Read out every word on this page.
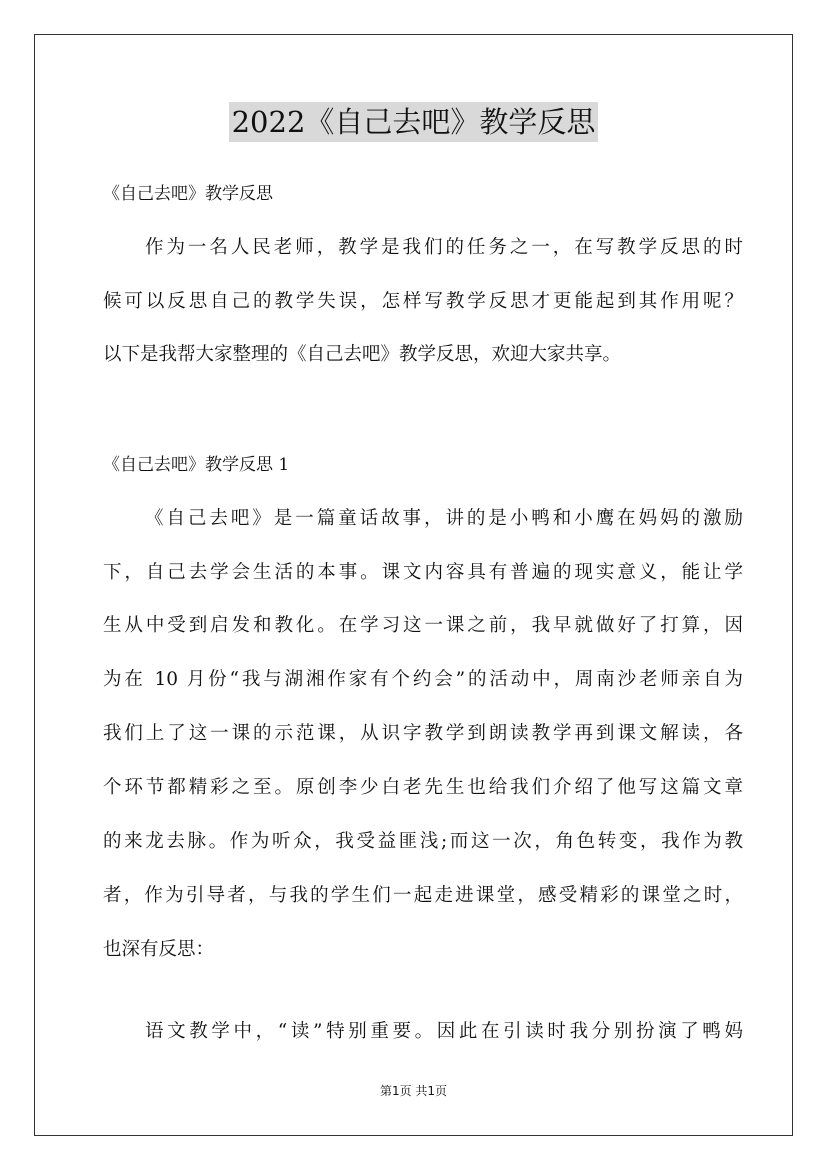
2022《自己去吧》教学反思
《自己去吧》教学反思
作为一名人民老师，教学是我们的任务之一，在写教学反思的时
候可以反思自己的教学失误，怎样写教学反思才更能起到其作用呢？
以下是我帮大家整理的《自己去吧》教学反思，欢迎大家共享。
《自己去吧》教学反思 1
《自己去吧》是一篇童话故事，讲的是小鸭和小鹰在妈妈的激励
下，自己去学会生活的本事。课文内容具有普遍的现实意义，能让学
生从中受到启发和教化。在学习这一课之前，我早就做好了打算，因
为在 10 月份“我与湖湘作家有个约会”的活动中，周南沙老师亲自为
我们上了这一课的示范课，从识字教学到朗读教学再到课文解读，各
个环节都精彩之至。原创李少白老先生也给我们介绍了他写这篇文章
的来龙去脉。作为听众，我受益匪浅;而这一次，角色转变，我作为教
者，作为引导者，与我的学生们一起走进课堂，感受精彩的课堂之时，
也深有反思：
语文教学中，“读”特别重要。因此在引读时我分别扮演了鸭妈
第1页 共1页
